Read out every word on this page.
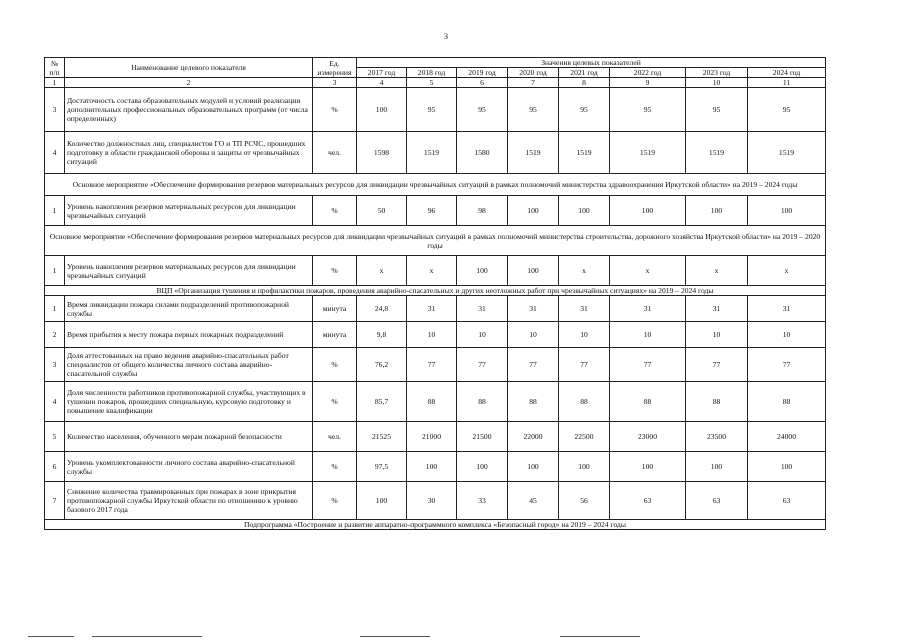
3
№
п/п	Наименование целевого показателя	Ед. измерения	Значения целевых показателей							
			2017 год	2018 год	2019 год	2020 год	2021 год	2022 год	2023 год	2024 год
1	2	3	4	5	6	7	8	9	10	11
3	Достаточность состава образовательных модулей и условий реализации дополнительных профессиональных образовательных программ (от числа определенных)	%	100	95	95	95	95	95	95	95
4	Количество должностных лиц, специалистов ГО и ТП РСЧС, прошедших подготовку в области гражданской обороны и защиты от чрезвычайных ситуаций	чел.	1598	1519	1580	1519	1519	1519	1519	1519
Основное мероприятие «Обеспечение формирования резервов материальных ресурсов для ликвидации чрезвычайных ситуаций в рамках полномочий министерства здравоохранения Иркутской области» на 2019 – 2024 годы										
1	Уровень накопления резервов материальных ресурсов для ликвидации чрезвычайных ситуаций	%	50	96	98	100	100	100	100	100
Основное мероприятие «Обеспечение формирования резервов материальных ресурсов для ликвидации чрезвычайных ситуаций в рамках полномочий министерства строительства, дорожного хозяйства Иркутской области» на 2019 – 2020 годы										
1	Уровень накопления резервов материальных ресурсов для ликвидации чрезвычайных ситуаций	%	х	х	100	100	х	х	х	х
ВЦП «Организация тушения и профилактики пожаров, проведения аварийно-спасательных и других неотложных работ при чрезвычайных ситуациях» на 2019 – 2024 годы										
1	Время ликвидации пожара силами подразделений противопожарной службы	минута	24,8	31	31	31	31	31	31	31
2	Время прибытия к месту пожара первых пожарных подразделений	минута	9,8	10	10	10	10	10	10	10
3	Доля аттестованных на право ведения аварийно-спасательных работ специалистов от общего количества личного состава аварийно-спасательной службы	%	76,2	77	77	77	77	77	77	77
4	Доля численности работников противопожарной службы, участвующих в тушении пожаров, прошедших специальную, курсовую подготовку и повышение квалификации	%	85,7	88	88	88	88	88	88	88
5	Количество населения, обученного мерам пожарной безопасности	чел.	21525	21000	21500	22000	22500	23000	23500	24000
6	Уровень укомплектованности личного состава аварийно-спасательной службы	%	97,5	100	100	100	100	100	100	100
7	Снижение количества травмированных при пожарах в зоне прикрытия противопожарной службы Иркутской области по отношению к уровню базового 2017 года	%	100	30	33	45	56	63	63	63
Подпрограмма «Построение и развитие аппаратно-программного комплекса «Безопасный город» на 2019 – 2024 годы										
